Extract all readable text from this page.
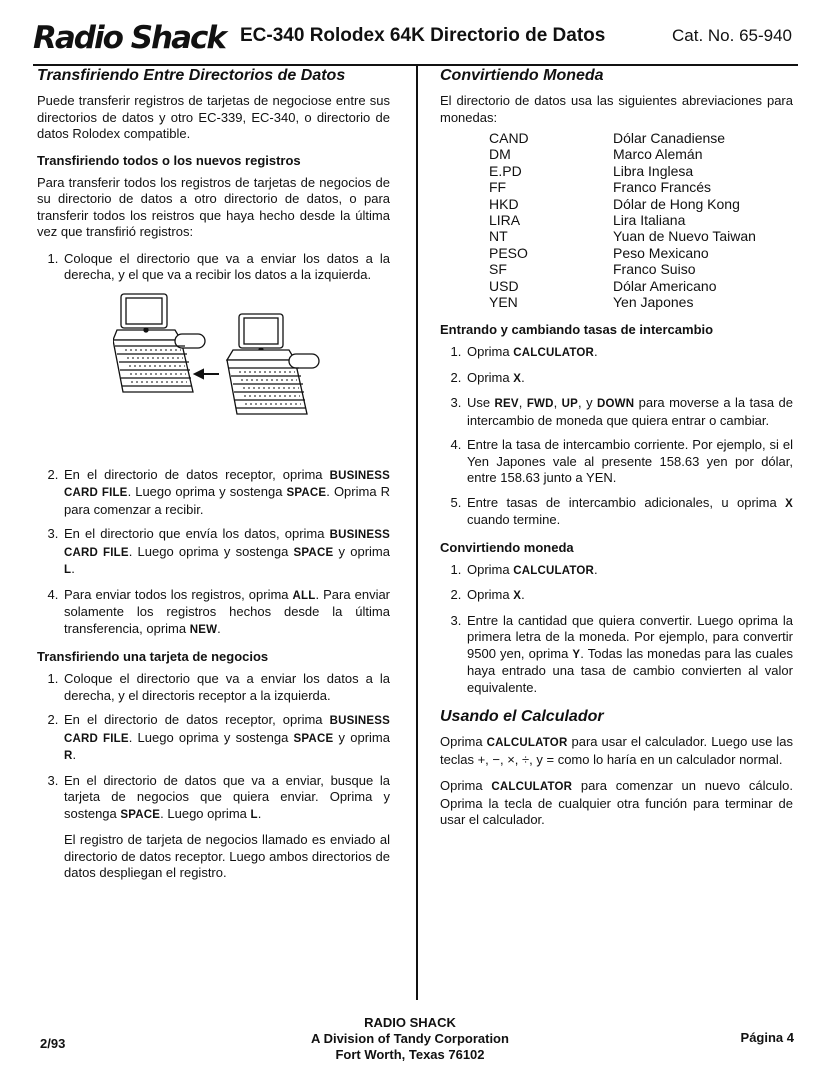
Radio Shack EC-340 Rolodex 64K Directorio de Datos	Cat. No. 65-940
Transfiriendo Entre Directorios de Datos

Puede transferir registros de tarjetas de negociose entre sus directorios de datos y otro EC-339, EC-340, o directorio de datos Rolodex compatible.

Transfiriendo todos o los nuevos registros

Para transferir todos los registros de tarjetas de negocios de su directorio de datos a otro directorio de datos, o para transferir todos los reistros que haya hecho desde la última vez que transfirió registros:

1. Coloque el directorio que va a enviar los datos a la derecha, y el que va a recibir los datos a la izquierda.
2. En el directorio de datos receptor, oprima BUSINESS CARD FILE. Luego oprima y sostenga SPACE. Oprima R para comenzar a recibir.
3. En el directorio que envía los datos, oprima BUSINESS CARD FILE. Luego oprima y sostenga SPACE y oprima L.
4. Para enviar todos los registros, oprima ALL. Para enviar solamente los registros hechos desde la última transferencia, oprima NEW.
Transfiriendo una tarjeta de negocios
1. Coloque el directorio que va a enviar los datos a la derecha, y el directoris receptor a la izquierda.
2. En el directorio de datos receptor, oprima BUSINESS CARD FILE. Luego oprima y sostenga SPACE y oprima R.
3. En el directorio de datos que va a enviar, busque la tarjeta de negocios que quiera enviar. Oprima y sostenga SPACE. Luego oprima L.

El registro de tarjeta de negocios llamado es enviado al directorio de datos receptor. Luego ambos directorios de datos despliegan el registro.

Convirtiendo Moneda

El directorio de datos usa las siguientes abreviaciones para monedas:

CAND	Dólar Canadiense
DM	Marco Alemán
E.PD	Libra Inglesa
FF	Franco Francés
HKD	Dólar de Hong Kong
LIRA	Lira Italiana
NT	Yuan de Nuevo Taiwan
PESO	Peso Mexicano
SF	Franco Suiso
USD	Dólar Americano
YEN	Yen Japones
Entrando y cambiando tasas de intercambio
1. Oprima CALCULATOR.
2. Oprima X.
3. Use REV, FWD, UP, y DOWN para moverse a la tasa de intercambio de moneda que quiera entrar o cambiar.
4. Entre la tasa de intercambio corriente. Por ejemplo, si el Yen Japones vale al presente 158.63 yen por dólar, entre 158.63 junto a YEN.
5. Entre tasas de intercambio adicionales, u oprima X cuando termine.
Convirtiendo moneda
1. Oprima CALCULATOR.
2. Oprima X.
3. Entre la cantidad que quiera convertir. Luego oprima la primera letra de la moneda. Por ejemplo, para convertir 9500 yen, oprima Y. Todas las monedas para las cuales haya entrado una tasa de cambio convierten al valor equivalente.
Usando el Calculador

Oprima CALCULATOR para usar el calculador. Luego use las teclas +, −, ×, ÷, y = como lo haría en un calculador normal.

Oprima CALCULATOR para comenzar un nuevo cálculo. Oprima la tecla de cualquier otra función para terminar de usar el calculador.

2/93
RADIO SHACK
A Division of Tandy Corporation
Fort Worth, Texas 76102
Página 4
